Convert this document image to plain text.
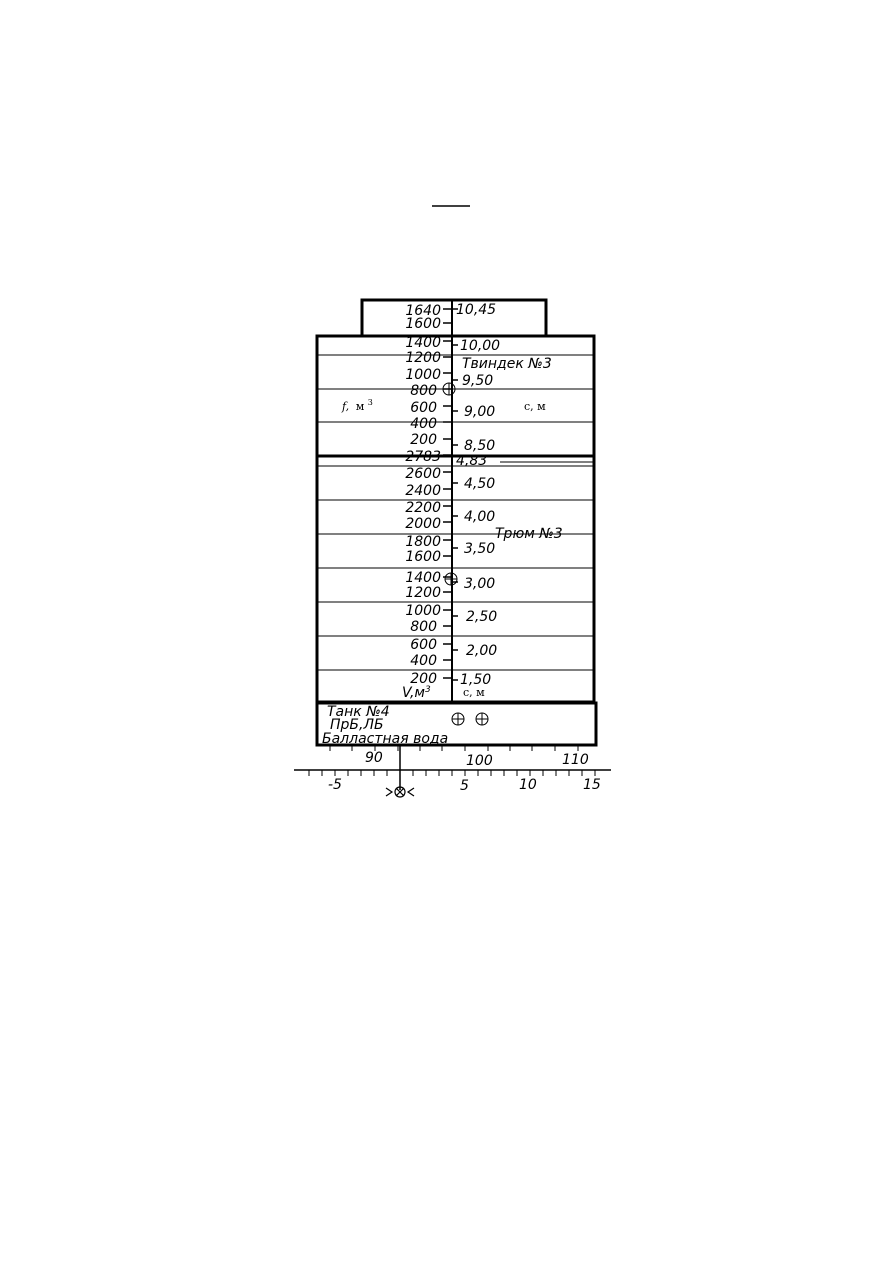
1640
1600
1400
1200
1000
800
600
400
200
2783
2600
2400
2200
2000
1800
1600
1400
1200
1000
800
600
400
200
10,45
10,00
9,50
9,00
8,50
4,83
4,50
4,00
3,50
3,00
2,50
2,00
1,50
f, м $^3$	с, м
$V,м^3$	с, м
Твиндек №3
Трюм №3
Танк №4
ПрБ,ЛБ
Балластная вода
90	100	110
-5	5	10	15
